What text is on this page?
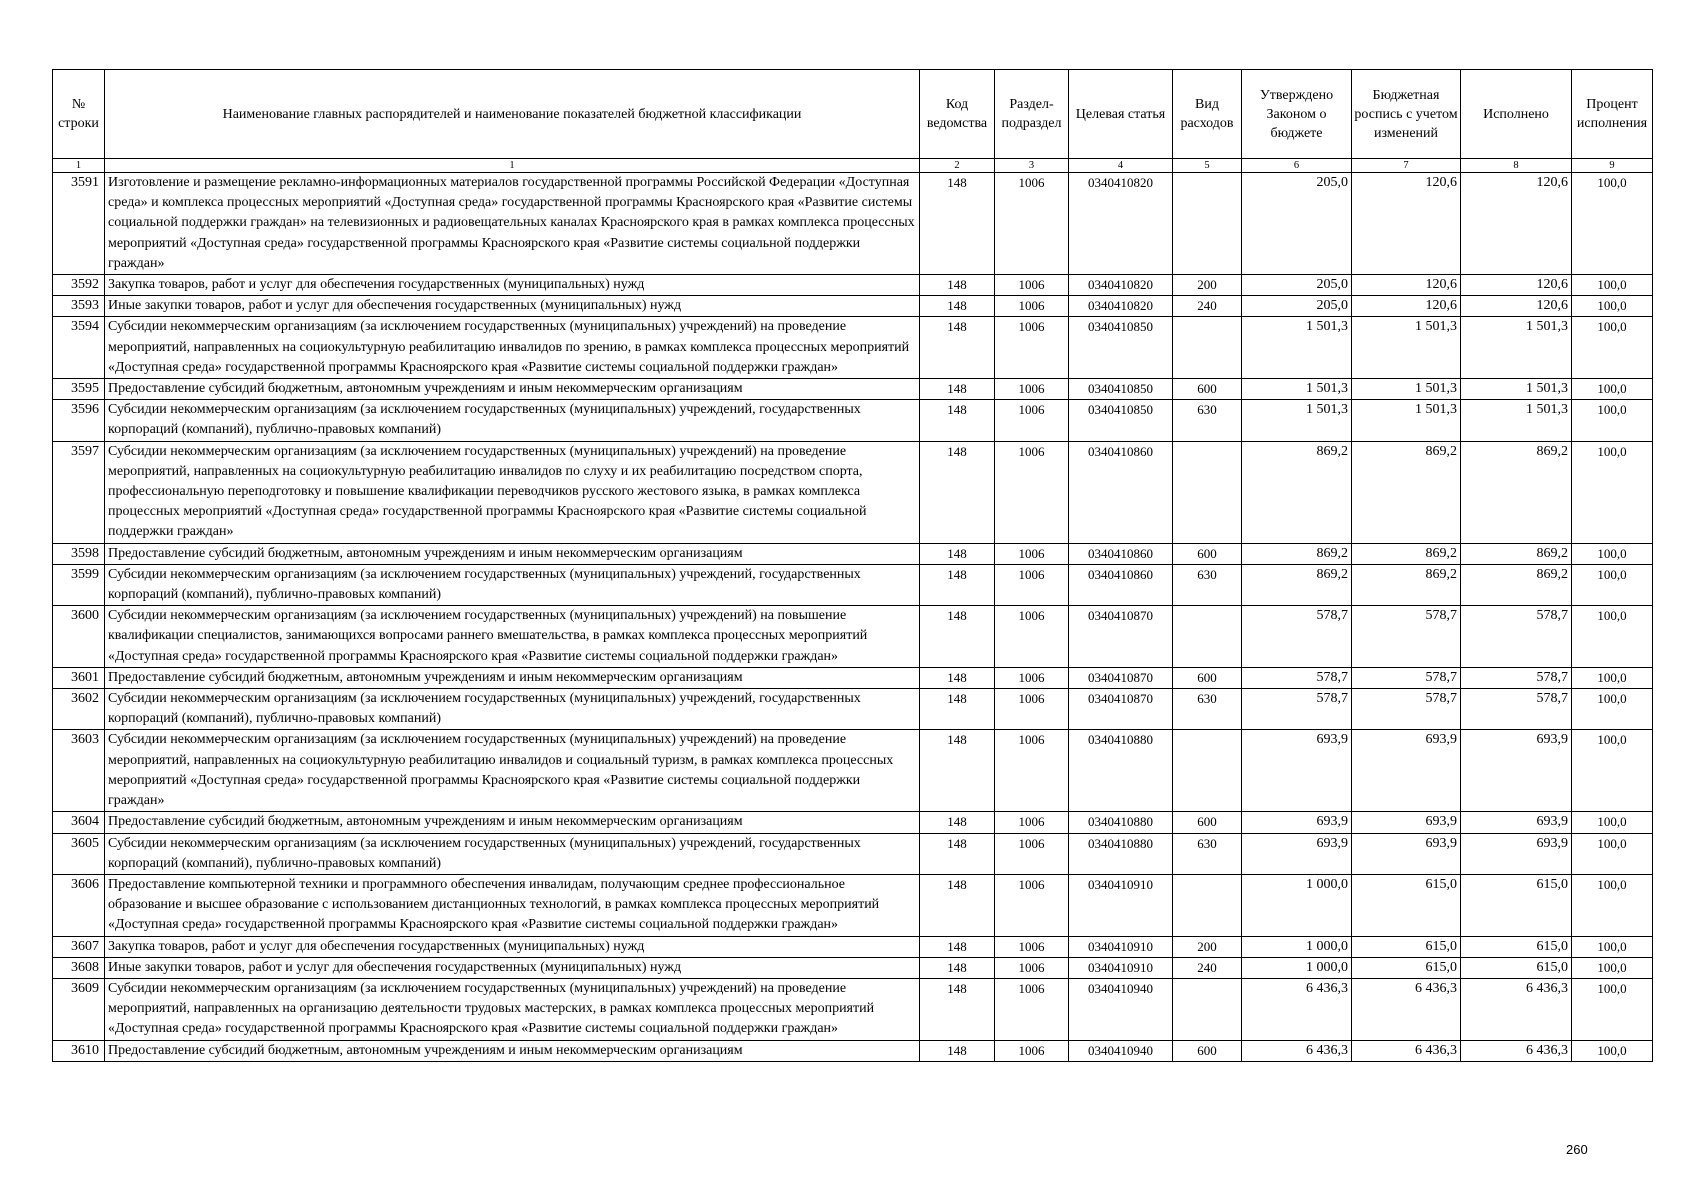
№ строки	Наименование главных распорядителей и наименование показателей бюджетной классификации	Код ведомства	Раздел-подраздел	Целевая статья	Вид расходов	Утверждено Законом о бюджете	Бюджетная роспись с учетом изменений	Исполнено	Процент исполнения
1	1	2	3	4	5	6	7	8	9
3591	Изготовление и размещение рекламно-информационных материалов государственной программы Российской Федерации «Доступная среда» и комплекса процессных мероприятий «Доступная среда» государственной программы Красноярского края «Развитие системы социальной поддержки граждан» на телевизионных и радиовещательных каналах Красноярского края в рамках комплекса процессных мероприятий «Доступная среда» государственной программы Красноярского края «Развитие системы социальной поддержки граждан»	148	1006	0340410820		205,0	120,6	120,6	100,0
3592	Закупка товаров, работ и услуг для обеспечения государственных (муниципальных) нужд	148	1006	0340410820	200	205,0	120,6	120,6	100,0
3593	Иные закупки товаров, работ и услуг для обеспечения государственных (муниципальных) нужд	148	1006	0340410820	240	205,0	120,6	120,6	100,0
3594	Субсидии некоммерческим организациям (за исключением государственных (муниципальных) учреждений) на проведение мероприятий, направленных на социокультурную реабилитацию инвалидов по зрению, в рамках комплекса процессных мероприятий «Доступная среда» государственной программы Красноярского края «Развитие системы социальной поддержки граждан»	148	1006	0340410850		1 501,3	1 501,3	1 501,3	100,0
3595	Предоставление субсидий бюджетным, автономным учреждениям и иным некоммерческим организациям	148	1006	0340410850	600	1 501,3	1 501,3	1 501,3	100,0
3596	Субсидии некоммерческим организациям (за исключением государственных (муниципальных) учреждений, государственных корпораций (компаний), публично-правовых компаний)	148	1006	0340410850	630	1 501,3	1 501,3	1 501,3	100,0
3597	Субсидии некоммерческим организациям (за исключением государственных (муниципальных) учреждений) на проведение мероприятий, направленных на социокультурную реабилитацию инвалидов по слуху и их реабилитацию посредством спорта, профессиональную переподготовку и повышение квалификации переводчиков русского жестового языка, в рамках комплекса процессных мероприятий «Доступная среда» государственной программы Красноярского края «Развитие системы социальной поддержки граждан»	148	1006	0340410860		869,2	869,2	869,2	100,0
3598	Предоставление субсидий бюджетным, автономным учреждениям и иным некоммерческим организациям	148	1006	0340410860	600	869,2	869,2	869,2	100,0
3599	Субсидии некоммерческим организациям (за исключением государственных (муниципальных) учреждений, государственных корпораций (компаний), публично-правовых компаний)	148	1006	0340410860	630	869,2	869,2	869,2	100,0
3600	Субсидии некоммерческим организациям (за исключением государственных (муниципальных) учреждений) на повышение квалификации специалистов, занимающихся вопросами раннего вмешательства, в рамках комплекса процессных мероприятий «Доступная среда» государственной программы Красноярского края «Развитие системы социальной поддержки граждан»	148	1006	0340410870		578,7	578,7	578,7	100,0
3601	Предоставление субсидий бюджетным, автономным учреждениям и иным некоммерческим организациям	148	1006	0340410870	600	578,7	578,7	578,7	100,0
3602	Субсидии некоммерческим организациям (за исключением государственных (муниципальных) учреждений, государственных корпораций (компаний), публично-правовых компаний)	148	1006	0340410870	630	578,7	578,7	578,7	100,0
3603	Субсидии некоммерческим организациям (за исключением государственных (муниципальных) учреждений) на проведение мероприятий, направленных на социокультурную реабилитацию инвалидов и социальный туризм, в рамках комплекса процессных мероприятий «Доступная среда» государственной программы Красноярского края «Развитие системы социальной поддержки граждан»	148	1006	0340410880		693,9	693,9	693,9	100,0
3604	Предоставление субсидий бюджетным, автономным учреждениям и иным некоммерческим организациям	148	1006	0340410880	600	693,9	693,9	693,9	100,0
3605	Субсидии некоммерческим организациям (за исключением государственных (муниципальных) учреждений, государственных корпораций (компаний), публично-правовых компаний)	148	1006	0340410880	630	693,9	693,9	693,9	100,0
3606	Предоставление компьютерной техники и программного обеспечения инвалидам, получающим среднее профессиональное образование и высшее образование с использованием дистанционных технологий, в рамках комплекса процессных мероприятий «Доступная среда» государственной программы Красноярского края «Развитие системы социальной поддержки граждан»	148	1006	0340410910		1 000,0	615,0	615,0	100,0
3607	Закупка товаров, работ и услуг для обеспечения государственных (муниципальных) нужд	148	1006	0340410910	200	1 000,0	615,0	615,0	100,0
3608	Иные закупки товаров, работ и услуг для обеспечения государственных (муниципальных) нужд	148	1006	0340410910	240	1 000,0	615,0	615,0	100,0
3609	Субсидии некоммерческим организациям (за исключением государственных (муниципальных) учреждений) на проведение мероприятий, направленных на организацию деятельности трудовых мастерских, в рамках комплекса процессных мероприятий «Доступная среда» государственной программы Красноярского края «Развитие системы социальной поддержки граждан»	148	1006	0340410940		6 436,3	6 436,3	6 436,3	100,0
3610	Предоставление субсидий бюджетным, автономным учреждениям и иным некоммерческим организациям	148	1006	0340410940	600	6 436,3	6 436,3	6 436,3	100,0
260
